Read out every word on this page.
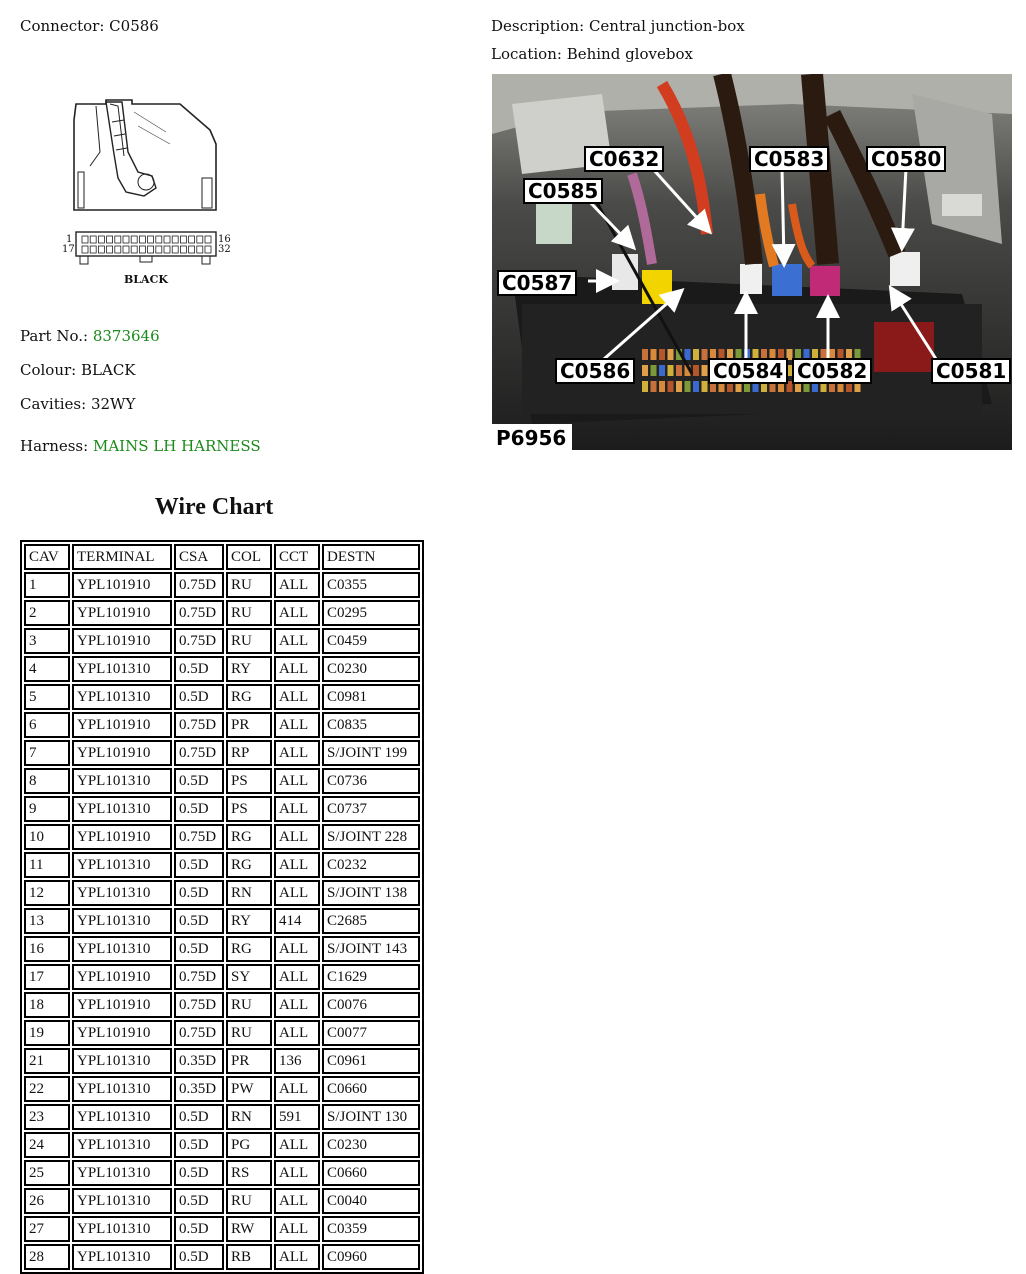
Connector: C0586	Description: Central junction-box
Location: Behind glovebox
1
17
16
32
BLACK
Part No.: 8373646
Colour: BLACK
Cavities: 32WY
Harness: MAINS LH HARNESS
C0632	C0583 C0580
C0585
C0587
C0586	C0584 C0582	C0581
P6956
Wire Chart
CAV	TERMINAL	CSA	COL	CCT	DESTN
1	YPL101910	0.75D	RU	ALL	C0355
2	YPL101910	0.75D	RU	ALL	C0295
3	YPL101910	0.75D	RU	ALL	C0459
4	YPL101310	0.5D	RY	ALL	C0230
5	YPL101310	0.5D	RG	ALL	C0981
6	YPL101910	0.75D	PR	ALL	C0835
7	YPL101910	0.75D	RP	ALL	S/JOINT 199
8	YPL101310	0.5D	PS	ALL	C0736
9	YPL101310	0.5D	PS	ALL	C0737
10	YPL101910	0.75D	RG	ALL	S/JOINT 228
11	YPL101310	0.5D	RG	ALL	C0232
12	YPL101310	0.5D	RN	ALL	S/JOINT 138
13	YPL101310	0.5D	RY	414	C2685
16	YPL101310	0.5D	RG	ALL	S/JOINT 143
17	YPL101910	0.75D	SY	ALL	C1629
18	YPL101910	0.75D	RU	ALL	C0076
19	YPL101910	0.75D	RU	ALL	C0077
21	YPL101310	0.35D	PR	136	C0961
22	YPL101310	0.35D	PW	ALL	C0660
23	YPL101310	0.5D	RN	591	S/JOINT 130
24	YPL101310	0.5D	PG	ALL	C0230
25	YPL101310	0.5D	RS	ALL	C0660
26	YPL101310	0.5D	RU	ALL	C0040
27	YPL101310	0.5D	RW	ALL	C0359
28	YPL101310	0.5D	RB	ALL	C0960
